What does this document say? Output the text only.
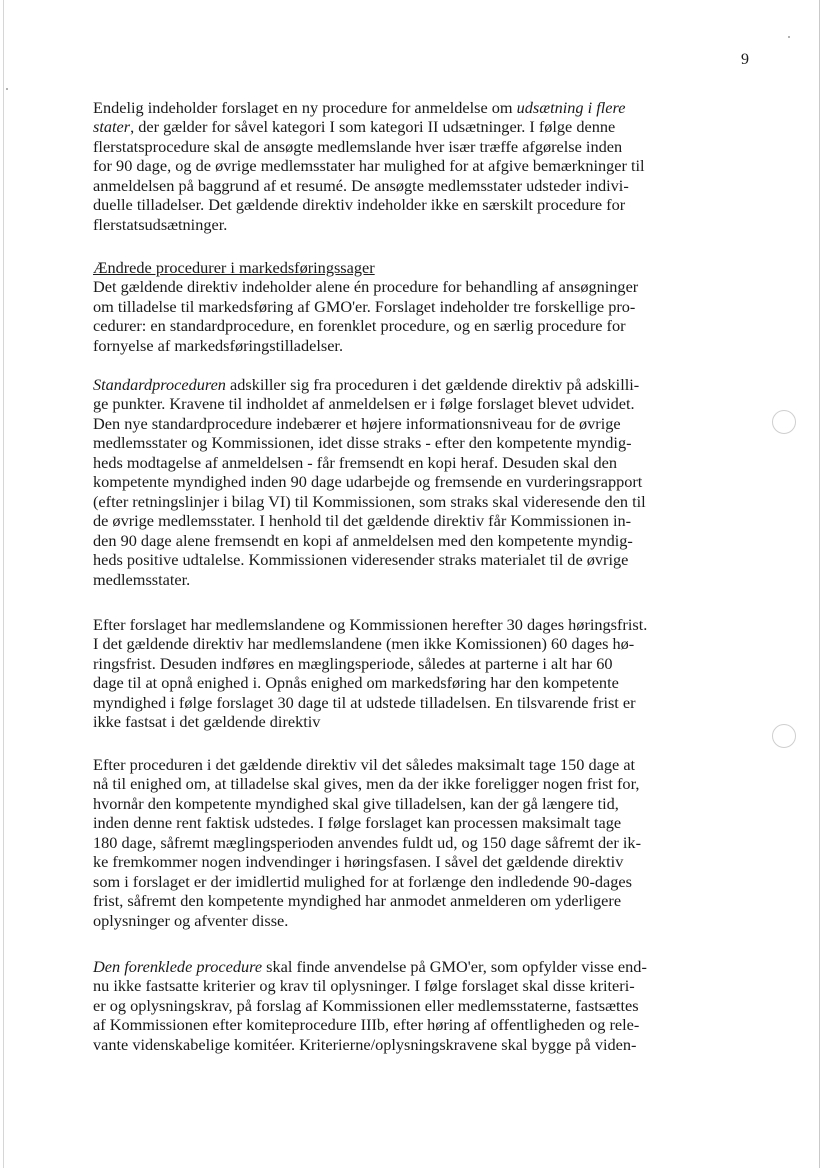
9
Endelig indeholder forslaget en ny procedure for anmeldelse om udsætning i flere
stater, der gælder for såvel kategori I som kategori II udsætninger. I følge denne
flerstatsprocedure skal de ansøgte medlemslande hver især træffe afgørelse inden
for 90 dage, og de øvrige medlemsstater har mulighed for at afgive bemærkninger til
anmeldelsen på baggrund af et resumé. De ansøgte medlemsstater udsteder indivi-
duelle tilladelser. Det gældende direktiv indeholder ikke en særskilt procedure for
flerstatsudsætninger.
Ændrede procedurer i markedsføringssager
Det gældende direktiv indeholder alene én procedure for behandling af ansøgninger
om tilladelse til markedsføring af GMO'er. Forslaget indeholder tre forskellige pro-
cedurer: en standardprocedure, en forenklet procedure, og en særlig procedure for
fornyelse af markedsføringstilladelser.
Standardproceduren adskiller sig fra proceduren i det gældende direktiv på adskilli-
ge punkter. Kravene til indholdet af anmeldelsen er i følge forslaget blevet udvidet.
Den nye standardprocedure indebærer et højere informationsniveau for de øvrige
medlemsstater og Kommissionen, idet disse straks - efter den kompetente myndig-
heds modtagelse af anmeldelsen - får fremsendt en kopi heraf. Desuden skal den
kompetente myndighed inden 90 dage udarbejde og fremsende en vurderingsrapport
(efter retningslinjer i bilag VI) til Kommissionen, som straks skal videresende den til
de øvrige medlemsstater. I henhold til det gældende direktiv får Kommissionen in-
den 90 dage alene fremsendt en kopi af anmeldelsen med den kompetente myndig-
heds positive udtalelse. Kommissionen videresender straks materialet til de øvrige
medlemsstater.
Efter forslaget har medlemslandene og Kommissionen herefter 30 dages høringsfrist.
I det gældende direktiv har medlemslandene (men ikke Komissionen) 60 dages hø-
ringsfrist. Desuden indføres en mæglingsperiode, således at parterne i alt har 60
dage til at opnå enighed i. Opnås enighed om markedsføring har den kompetente
myndighed i følge forslaget 30 dage til at udstede tilladelsen. En tilsvarende frist er
ikke fastsat i det gældende direktiv
Efter proceduren i det gældende direktiv vil det således maksimalt tage 150 dage at
nå til enighed om, at tilladelse skal gives, men da der ikke foreligger nogen frist for,
hvornår den kompetente myndighed skal give tilladelsen, kan der gå længere tid,
inden denne rent faktisk udstedes. I følge forslaget kan processen maksimalt tage
180 dage, såfremt mæglingsperioden anvendes fuldt ud, og 150 dage såfremt der ik-
ke fremkommer nogen indvendinger i høringsfasen. I såvel det gældende direktiv
som i forslaget er der imidlertid mulighed for at forlænge den indledende 90-dages
frist, såfremt den kompetente myndighed har anmodet anmelderen om yderligere
oplysninger og afventer disse.
Den forenklede procedure skal finde anvendelse på GMO'er, som opfylder visse end-
nu ikke fastsatte kriterier og krav til oplysninger. I følge forslaget skal disse kriteri-
er og oplysningskrav, på forslag af Kommissionen eller medlemsstaterne, fastsættes
af Kommissionen efter komiteprocedure IIIb, efter høring af offentligheden og rele-
vante videnskabelige komitéer. Kriterierne/oplysningskravene skal bygge på viden-
